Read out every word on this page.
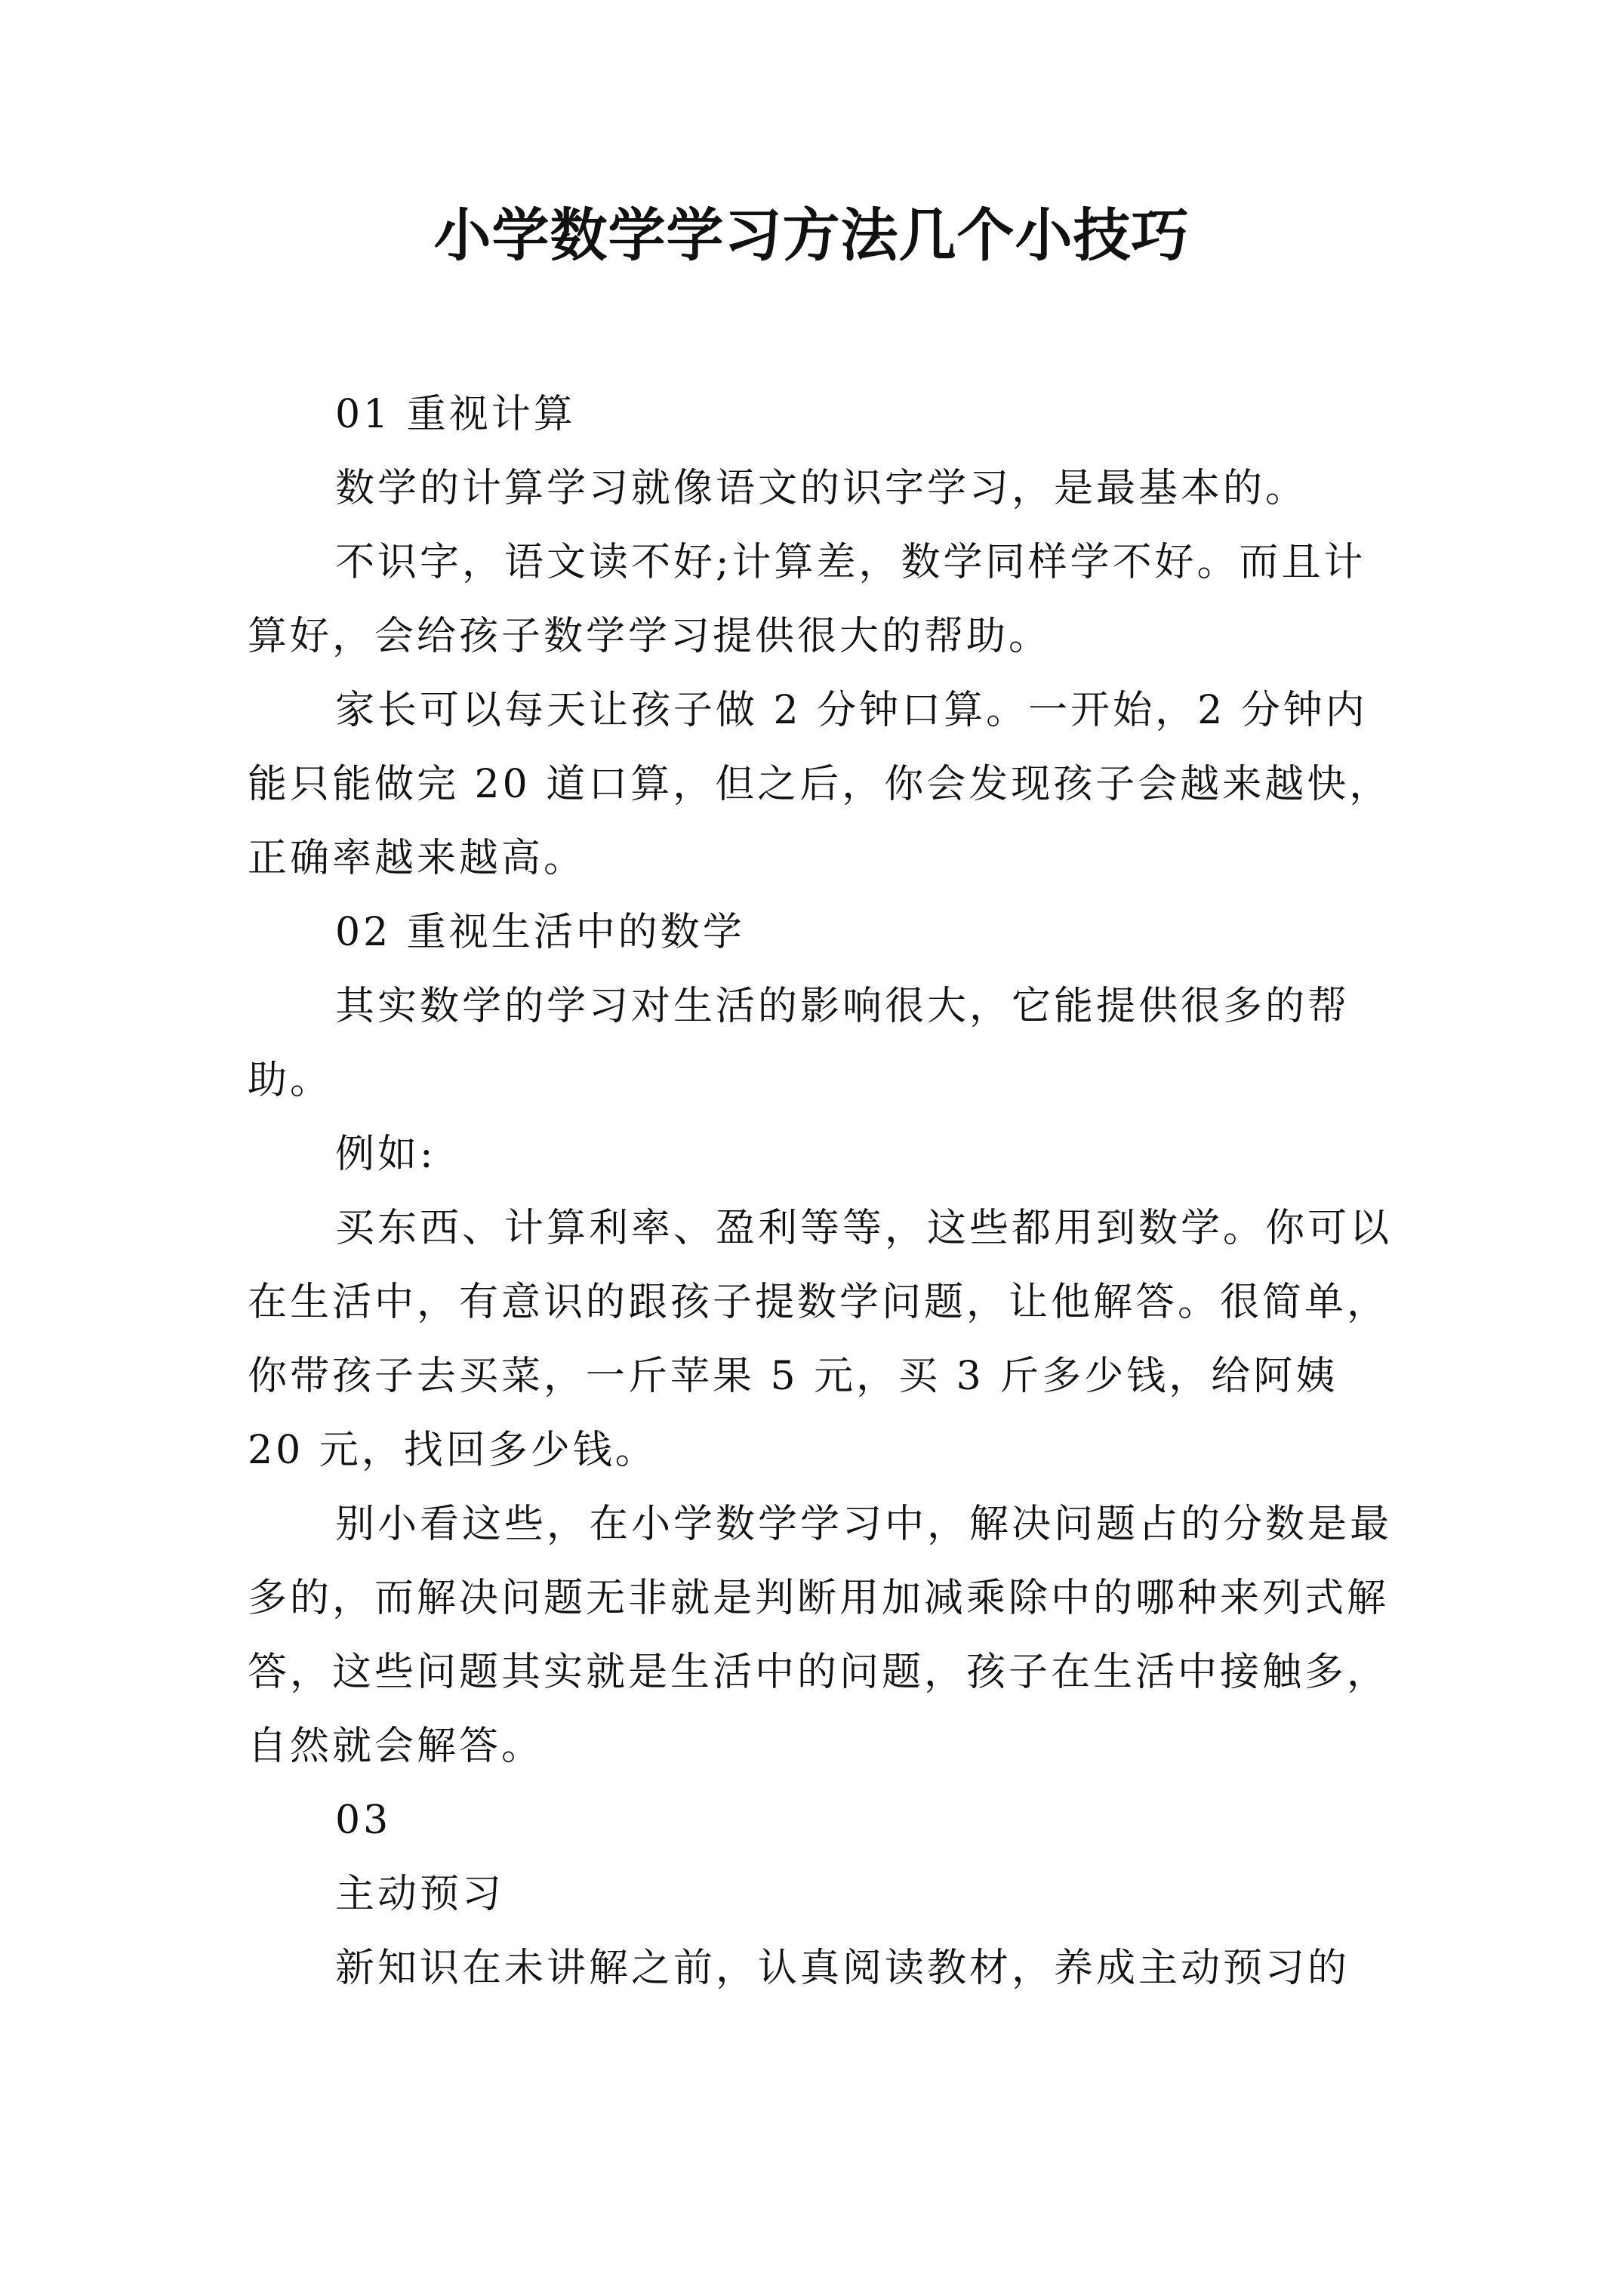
小学数学学习方法几个小技巧

01 重视计算

数学的计算学习就像语文的识字学习，是最基本的。

不识字，语文读不好;计算差，数学同样学不好。而且计算好，会给孩子数学学习提供很大的帮助。

家长可以每天让孩子做 2 分钟口算。一开始，2 分钟内能只能做完 20 道口算，但之后，你会发现孩子会越来越快，正确率越来越高。

02 重视生活中的数学

其实数学的学习对生活的影响很大，它能提供很多的帮助。

例如:

买东西、计算利率、盈利等等，这些都用到数学。你可以在生活中，有意识的跟孩子提数学问题，让他解答。很简单，你带孩子去买菜，一斤苹果 5 元，买 3 斤多少钱，给阿姨 20 元，找回多少钱。

别小看这些，在小学数学学习中，解决问题占的分数是最多的，而解决问题无非就是判断用加减乘除中的哪种来列式解答，这些问题其实就是生活中的问题，孩子在生活中接触多，自然就会解答。

03

主动预习

新知识在未讲解之前，认真阅读教材，养成主动预习的
